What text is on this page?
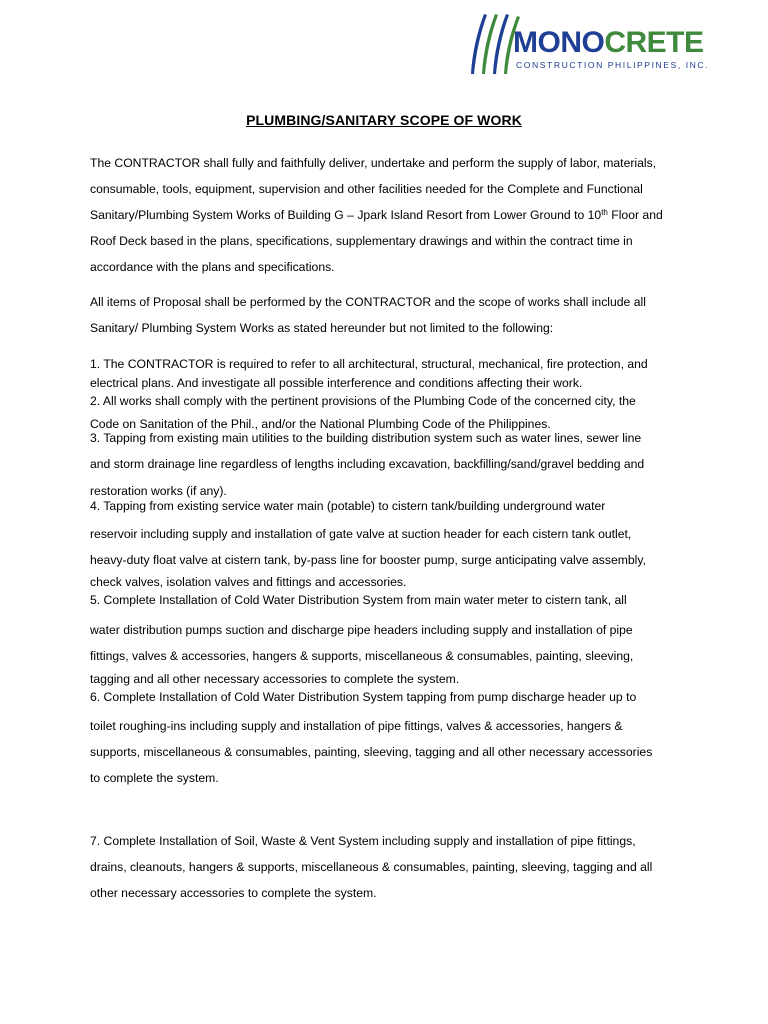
MONOCRETE
CONSTRUCTION PHILIPPINES, INC.
PLUMBING/SANITARY SCOPE OF WORK
The CONTRACTOR shall fully and faithfully deliver, undertake and perform the supply of labor, materials,
consumable, tools, equipment, supervision and other facilities needed for the Complete and Functional
Sanitary/Plumbing System Works of Building G – Jpark Island Resort from Lower Ground to 10th Floor and
Roof Deck based in the plans, specifications, supplementary drawings and within the contract time in
accordance with the plans and specifications.
All items of Proposal shall be performed by the CONTRACTOR and the scope of works shall include all
Sanitary/ Plumbing System Works as stated hereunder but not limited to the following:
1. The CONTRACTOR is required to refer to all architectural, structural, mechanical, fire protection, and
electrical plans. And investigate all possible interference and conditions affecting their work.
2. All works shall comply with the pertinent provisions of the Plumbing Code of the concerned city, the
Code on Sanitation of the Phil., and/or the National Plumbing Code of the Philippines.
3. Tapping from existing main utilities to the building distribution system such as water lines, sewer line
and storm drainage line regardless of lengths including excavation, backfilling/sand/gravel bedding and
restoration works (if any).
4. Tapping from existing service water main (potable) to cistern tank/building underground water
reservoir including supply and installation of gate valve at suction header for each cistern tank outlet,
heavy-duty float valve at cistern tank, by-pass line for booster pump, surge anticipating valve assembly,
check valves, isolation valves and fittings and accessories.
5. Complete Installation of Cold Water Distribution System from main water meter to cistern tank, all
water distribution pumps suction and discharge pipe headers including supply and installation of pipe
fittings, valves & accessories, hangers & supports, miscellaneous & consumables, painting, sleeving,
tagging and all other necessary accessories to complete the system.
6. Complete Installation of Cold Water Distribution System tapping from pump discharge header up to
toilet roughing-ins including supply and installation of pipe fittings, valves & accessories, hangers &
supports, miscellaneous & consumables, painting, sleeving, tagging and all other necessary accessories
to complete the system.
7. Complete Installation of Soil, Waste & Vent System including supply and installation of pipe fittings,
drains, cleanouts, hangers & supports, miscellaneous & consumables, painting, sleeving, tagging and all
other necessary accessories to complete the system.
